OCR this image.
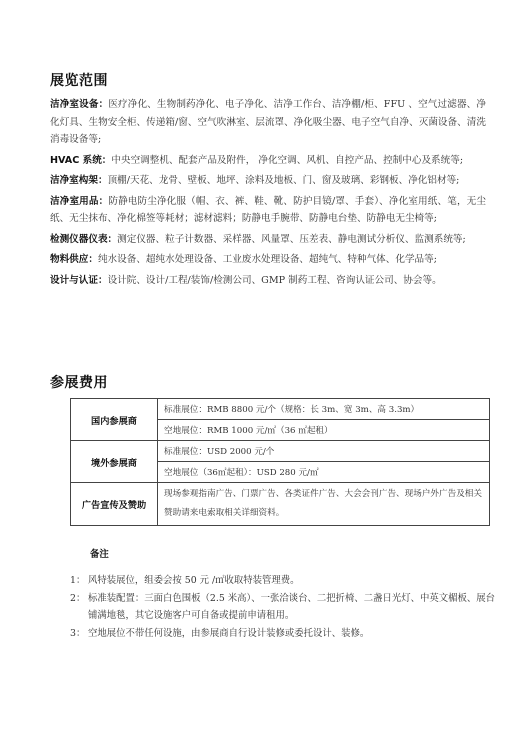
展览范围

洁净室设备：医疗净化、生物制药净化、电子净化、洁净工作台、洁净棚/柜、FFU 、空气过滤器、净化灯具、生物安全柜、传递箱/窗、空气吹淋室、层流罩、净化吸尘器、电子空气自净、灭菌设备、清洗消毒设备等;

HVAC 系统：中央空调整机、配套产品及附件， 净化空调、风机、自控产品、控制中心及系统等;

洁净室构架：顶棚/天花、龙骨、壁板、地坪、涂料及地板、门、窗及玻璃、彩钢板、净化铝材等;

洁净室用品：防静电防尘净化服（帽、衣、裤、鞋、靴、防护目镜/罩、手套）、净化室用纸、笔，无尘纸、无尘抹布、净化棉签等耗材；滤材滤料；防静电手腕带、防静电台垫、防静电无尘椅等;

检测仪器仪表：测定仪器、粒子计数器、采样器、风量罩、压差表、静电测试分析仪、监测系统等;

物料供应：纯水设备、超纯水处理设备、工业废水处理设备、超纯气、特种气体、化学品等;

设计与认证：设计院、设计/工程/装饰/检测公司、GMP 制药工程、咨询认证公司、协会等。

参展费用
国内参展商	标准展位：RMB 8800 元/个（规格：长 3m、宽 3m、高 3.3m）
	空地展位：RMB 1000 元/㎡（36 ㎡起租）
境外参展商	标准展位：USD 2000 元/个
	空地展位（36㎡起租）：USD 280 元/㎡
广告宣传及赞助	现场参观指南广告、门票广告、各类证件广告、大会会刊广告、现场户外广告及相关赞助请来电索取相关详细资料。
备注
1： 风特装展位，组委会按 50 元 /㎡收取特装管理费。
2： 标准装配置：三面白色围板（2.5 米高）、一张洽谈台、二把折椅、二盏日光灯、中英文楣板、展台铺满地毯，其它设施客户可自备或提前申请租用。
3： 空地展位不带任何设施，由参展商自行设计装修或委托设计、装修。
